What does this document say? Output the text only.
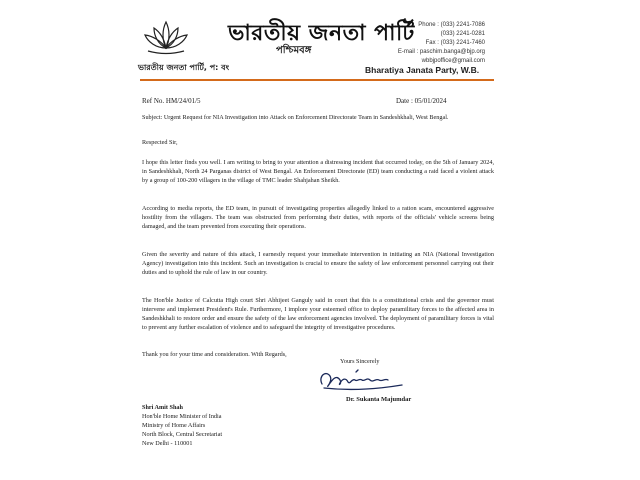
ভারতীয় জনতা পার্টি, প: বং
ভারতীয় জনতা পার্টি
পশ্চিমবঙ্গ
Phone : (033) 2241-7086
(033) 2241-0281
Fax : (033) 2241-7460
E-mail : paschim.banga@bjp.org
wbbjpoffice@gmail.com
Bharatiya Janata Party, W.B.
Ref No. HM/24/01/5	Date : 05/01/2024

Subject: Urgent Request for NIA Investigation into Attack on Enforcement Directorate Team in Sandeshkhali, West Bengal.

Respected Sir,

I hope this letter finds you well. I am writing to bring to your attention a distressing incident that occurred today, on the 5th of January 2024, in Sandeshkhali, North 24 Parganas district of West Bengal. An Enforcement Directorate (ED) team conducting a raid faced a violent attack by a group of 100-200 villagers in the village of TMC leader Shahjahan Sheikh.

According to media reports, the ED team, in pursuit of investigating properties allegedly linked to a ration scam, encountered aggressive hostility from the villagers. The team was obstructed from performing their duties, with reports of the officials' vehicle screens being damaged, and the team prevented from executing their operations.

Given the severity and nature of this attack, I earnestly request your immediate intervention in initiating an NIA (National Investigation Agency) investigation into this incident. Such an investigation is crucial to ensure the safety of law enforcement personnel carrying out their duties and to uphold the rule of law in our country.

The Hon'ble Justice of Calcutta High court Shri Abhijeet Ganguly said in court that this is a constitutional crisis and the governor must intervene and implement President's Rule. Furthermore, I implore your esteemed office to deploy paramilitary forces to the affected area in Sandeshkhali to restore order and ensure the safety of the law enforcement agencies involved. The deployment of paramilitary forces is vital to prevent any further escalation of violence and to safeguard the integrity of investigative procedures.

Thank you for your time and consideration. With Regards,

Yours Sincerely
Dr. Sukanta Majumdar
Shri Amit Shah
Hon'ble Home Minister of India
Ministry of Home Affairs
North Block, Central Secretariat
New Delhi - 110001
